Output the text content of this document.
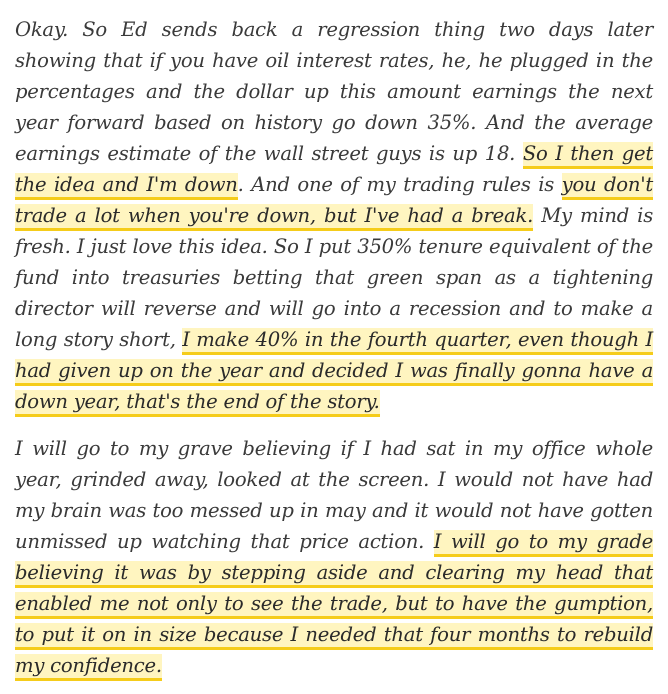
Okay. So Ed sends back a regression thing two days later showing that if you have oil interest rates, he, he plugged in the percentages and the dollar up this amount earnings the next year forward based on history go down 35%. And the average earnings estimate of the wall street guys is up 18. So I then get the idea and I'm down. And one of my trading rules is you don't trade a lot when you're down, but I've had a break. My mind is fresh. I just love this idea. So I put 350% tenure equivalent of the fund into treasuries betting that green span as a tightening director will reverse and will go into a recession and to make a long story short, I make 40% in the fourth quarter, even though I had given up on the year and decided I was finally gonna have a down year, that's the end of the story.

I will go to my grave believing if I had sat in my office whole year, grinded away, looked at the screen. I would not have had my brain was too messed up in may and it would not have gotten unmissed up watching that price action. I will go to my grade believing it was by stepping aside and clearing my head that enabled me not only to see the trade, but to have the gumption, to put it on in size because I needed that four months to rebuild my confidence.
